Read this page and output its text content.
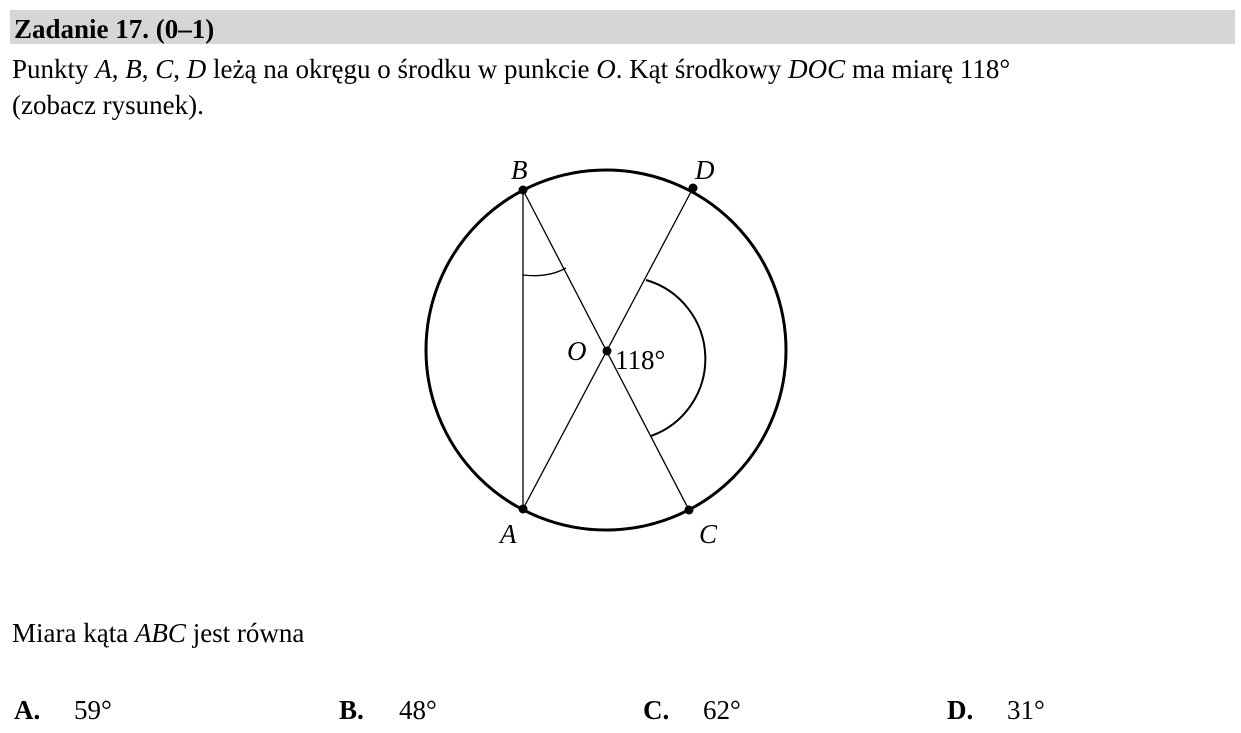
Zadanie 17. (0–1)
Punkty A, B, C, D leżą na okręgu o środku w punkcie O. Kąt środkowy DOC ma miarę 118°
(zobacz rysunek).
B	D
A	C
O 118°
Miara kąta ABC jest równa
A. 59°	B. 48°	C. 62°	D. 31°
